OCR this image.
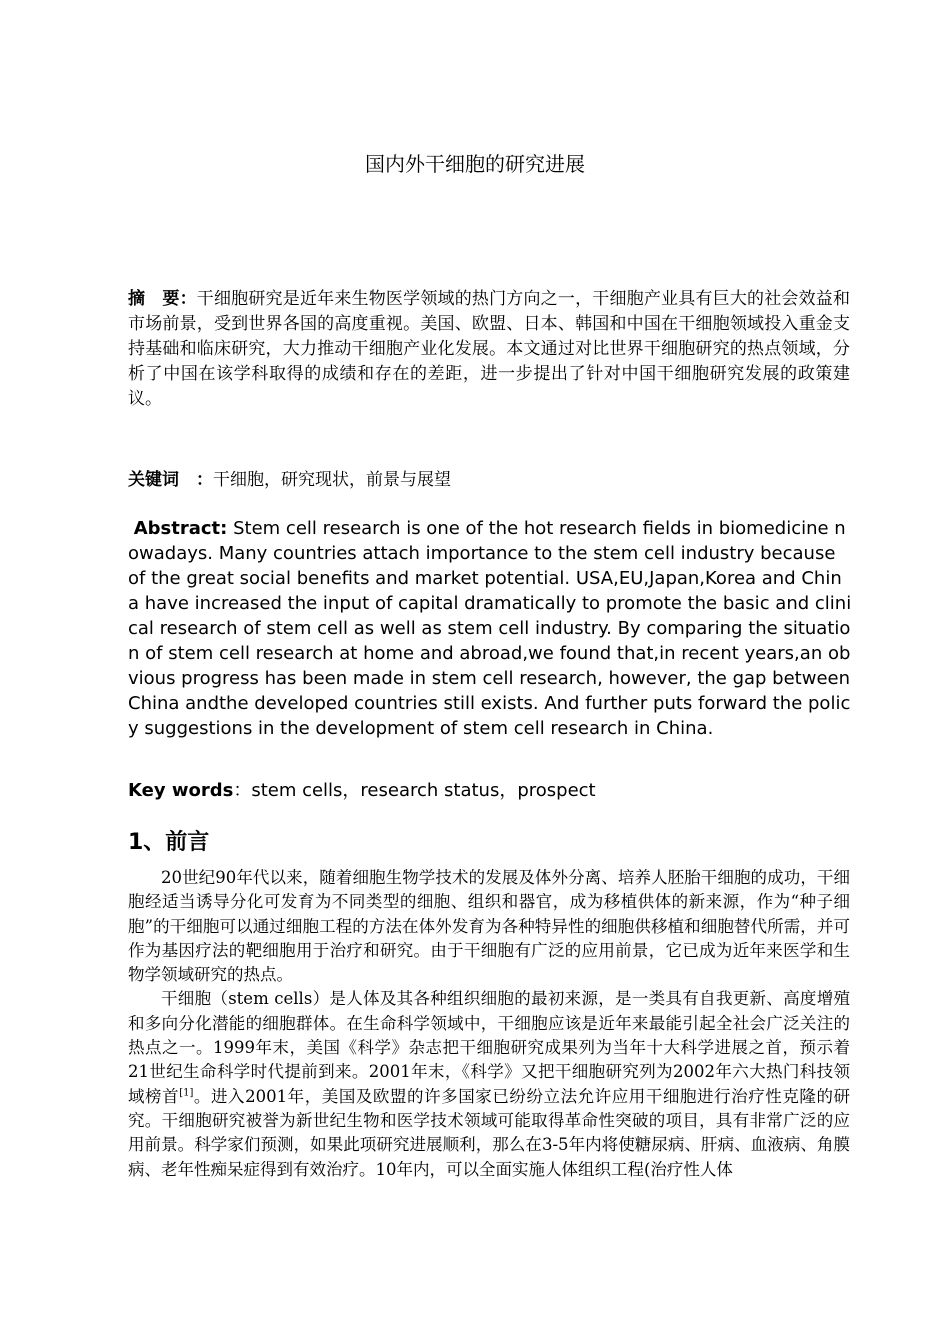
国内外干细胞的研究进展
摘　要：干细胞研究是近年来生物医学领域的热门方向之一，干细胞产业具有巨大的社会效益和市场前景，受到世界各国的高度重视。美国、欧盟、日本、韩国和中国在干细胞领域投入重金支持基础和临床研究，大力推动干细胞产业化发展。本文通过对比世界干细胞研究的热点领域，分析了中国在该学科取得的成绩和存在的差距，进一步提出了针对中国干细胞研究发展的政策建议。
关键词　：干细胞，研究现状，前景与展望
Abstract: Stem cell research is one of the hot research fields in biomedicine nowadays. Many countries attach importance to the stem cell industry because of the great social benefits and market potential. USA,EU,Japan,Korea and China have increased the input of capital dramatically to promote the basic and clinical research of stem cell as well as stem cell industry. By comparing the situation of stem cell research at home and abroad,we found that,in recent years,an obvious progress has been made in stem cell research, however, the gap between China andthe developed countries still exists. And further puts forward the policy suggestions in the development of stem cell research in China.
Key words：stem cells，research status，prospect
1、前言

20世纪90年代以来，随着细胞生物学技术的发展及体外分离、培养人胚胎干细胞的成功，干细胞经适当诱导分化可发育为不同类型的细胞、组织和器官，成为移植供体的新来源，作为“种子细胞”的干细胞可以通过细胞工程的方法在体外发育为各种特异性的细胞供移植和细胞替代所需，并可作为基因疗法的靶细胞用于治疗和研究。由于干细胞有广泛的应用前景，它已成为近年来医学和生物学领域研究的热点。

干细胞（stem cells）是人体及其各种组织细胞的最初来源，是一类具有自我更新、高度增殖和多向分化潜能的细胞群体。在生命科学领域中，干细胞应该是近年来最能引起全社会广泛关注的热点之一。1999年末，美国《科学》杂志把干细胞研究成果列为当年十大科学进展之首，预示着21世纪生命科学时代提前到来。2001年末，《科学》又把干细胞研究列为2002年六大热门科技领域榜首[1]。进入2001年，美国及欧盟的许多国家已纷纷立法允许应用干细胞进行治疗性克隆的研究。干细胞研究被誉为新世纪生物和医学技术领域可能取得革命性突破的项目，具有非常广泛的应用前景。科学家们预测，如果此项研究进展顺利，那么在3-5年内将使糖尿病、肝病、血液病、角膜病、老年性痴呆症得到有效治疗。10年内，可以全面实施人体组织工程(治疗性人体
